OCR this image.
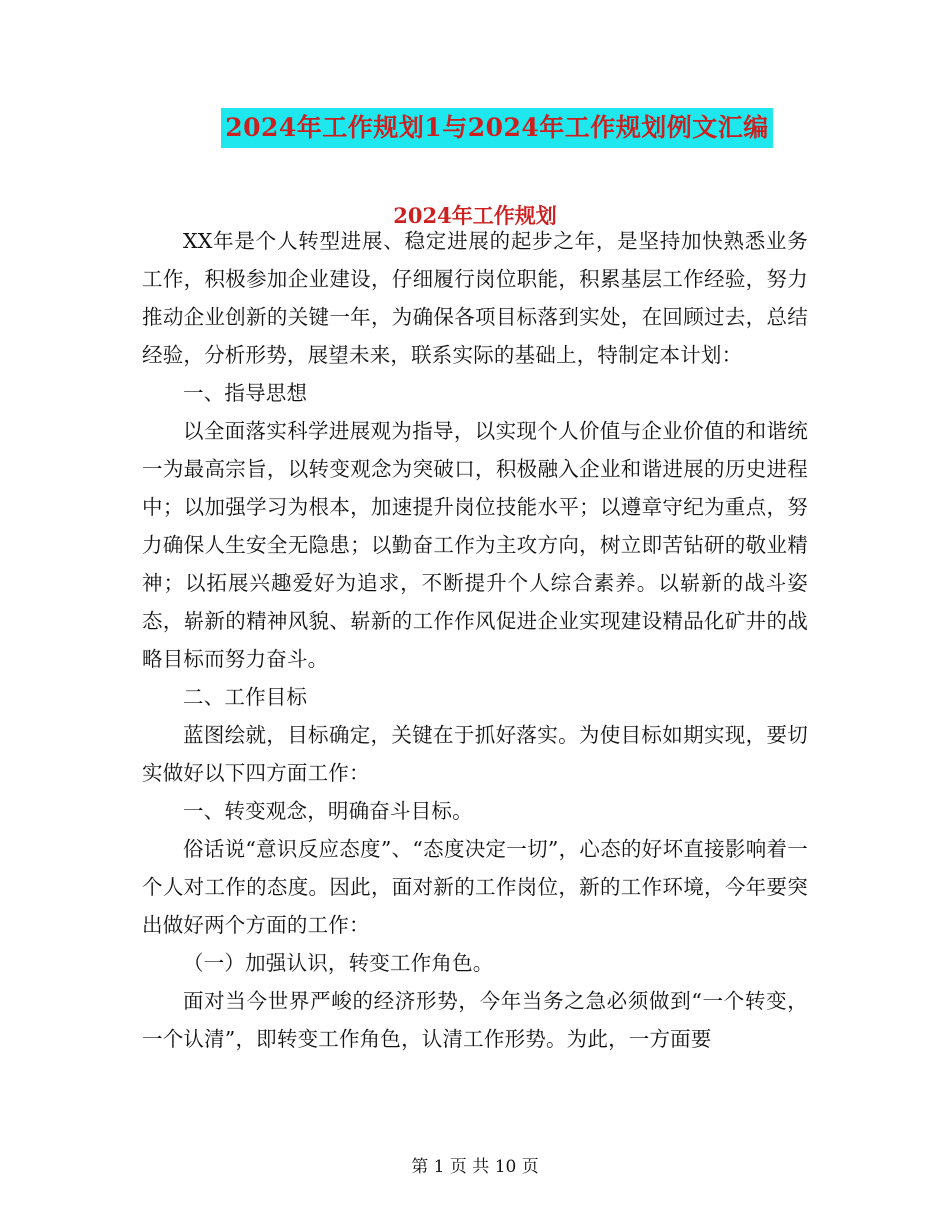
2024年工作规划1与2024年工作规划例文汇编
2024年工作规划

XX年是个人转型进展、稳定进展的起步之年，是坚持加快熟悉业务工作，积极参加企业建设，仔细履行岗位职能，积累基层工作经验，努力推动企业创新的关键一年，为确保各项目标落到实处，在回顾过去，总结经验，分析形势，展望未来，联系实际的基础上，特制定本计划：

一、指导思想

以全面落实科学进展观为指导，以实现个人价值与企业价值的和谐统一为最高宗旨，以转变观念为突破口，积极融入企业和谐进展的历史进程中；以加强学习为根本，加速提升岗位技能水平；以遵章守纪为重点，努力确保人生安全无隐患；以勤奋工作为主攻方向，树立即苦钻研的敬业精神；以拓展兴趣爱好为追求，不断提升个人综合素养。以崭新的战斗姿态，崭新的精神风貌、崭新的工作作风促进企业实现建设精品化矿井的战略目标而努力奋斗。

二、工作目标

蓝图绘就，目标确定，关键在于抓好落实。为使目标如期实现，要切实做好以下四方面工作：

一、转变观念，明确奋斗目标。

俗话说“意识反应态度”、“态度决定一切”，心态的好坏直接影响着一个人对工作的态度。因此，面对新的工作岗位，新的工作环境，今年要突出做好两个方面的工作：

（一）加强认识，转变工作角色。

面对当今世界严峻的经济形势，今年当务之急必须做到“一个转变，一个认清”，即转变工作角色，认清工作形势。为此，一方面要

第 1 页 共 10 页
